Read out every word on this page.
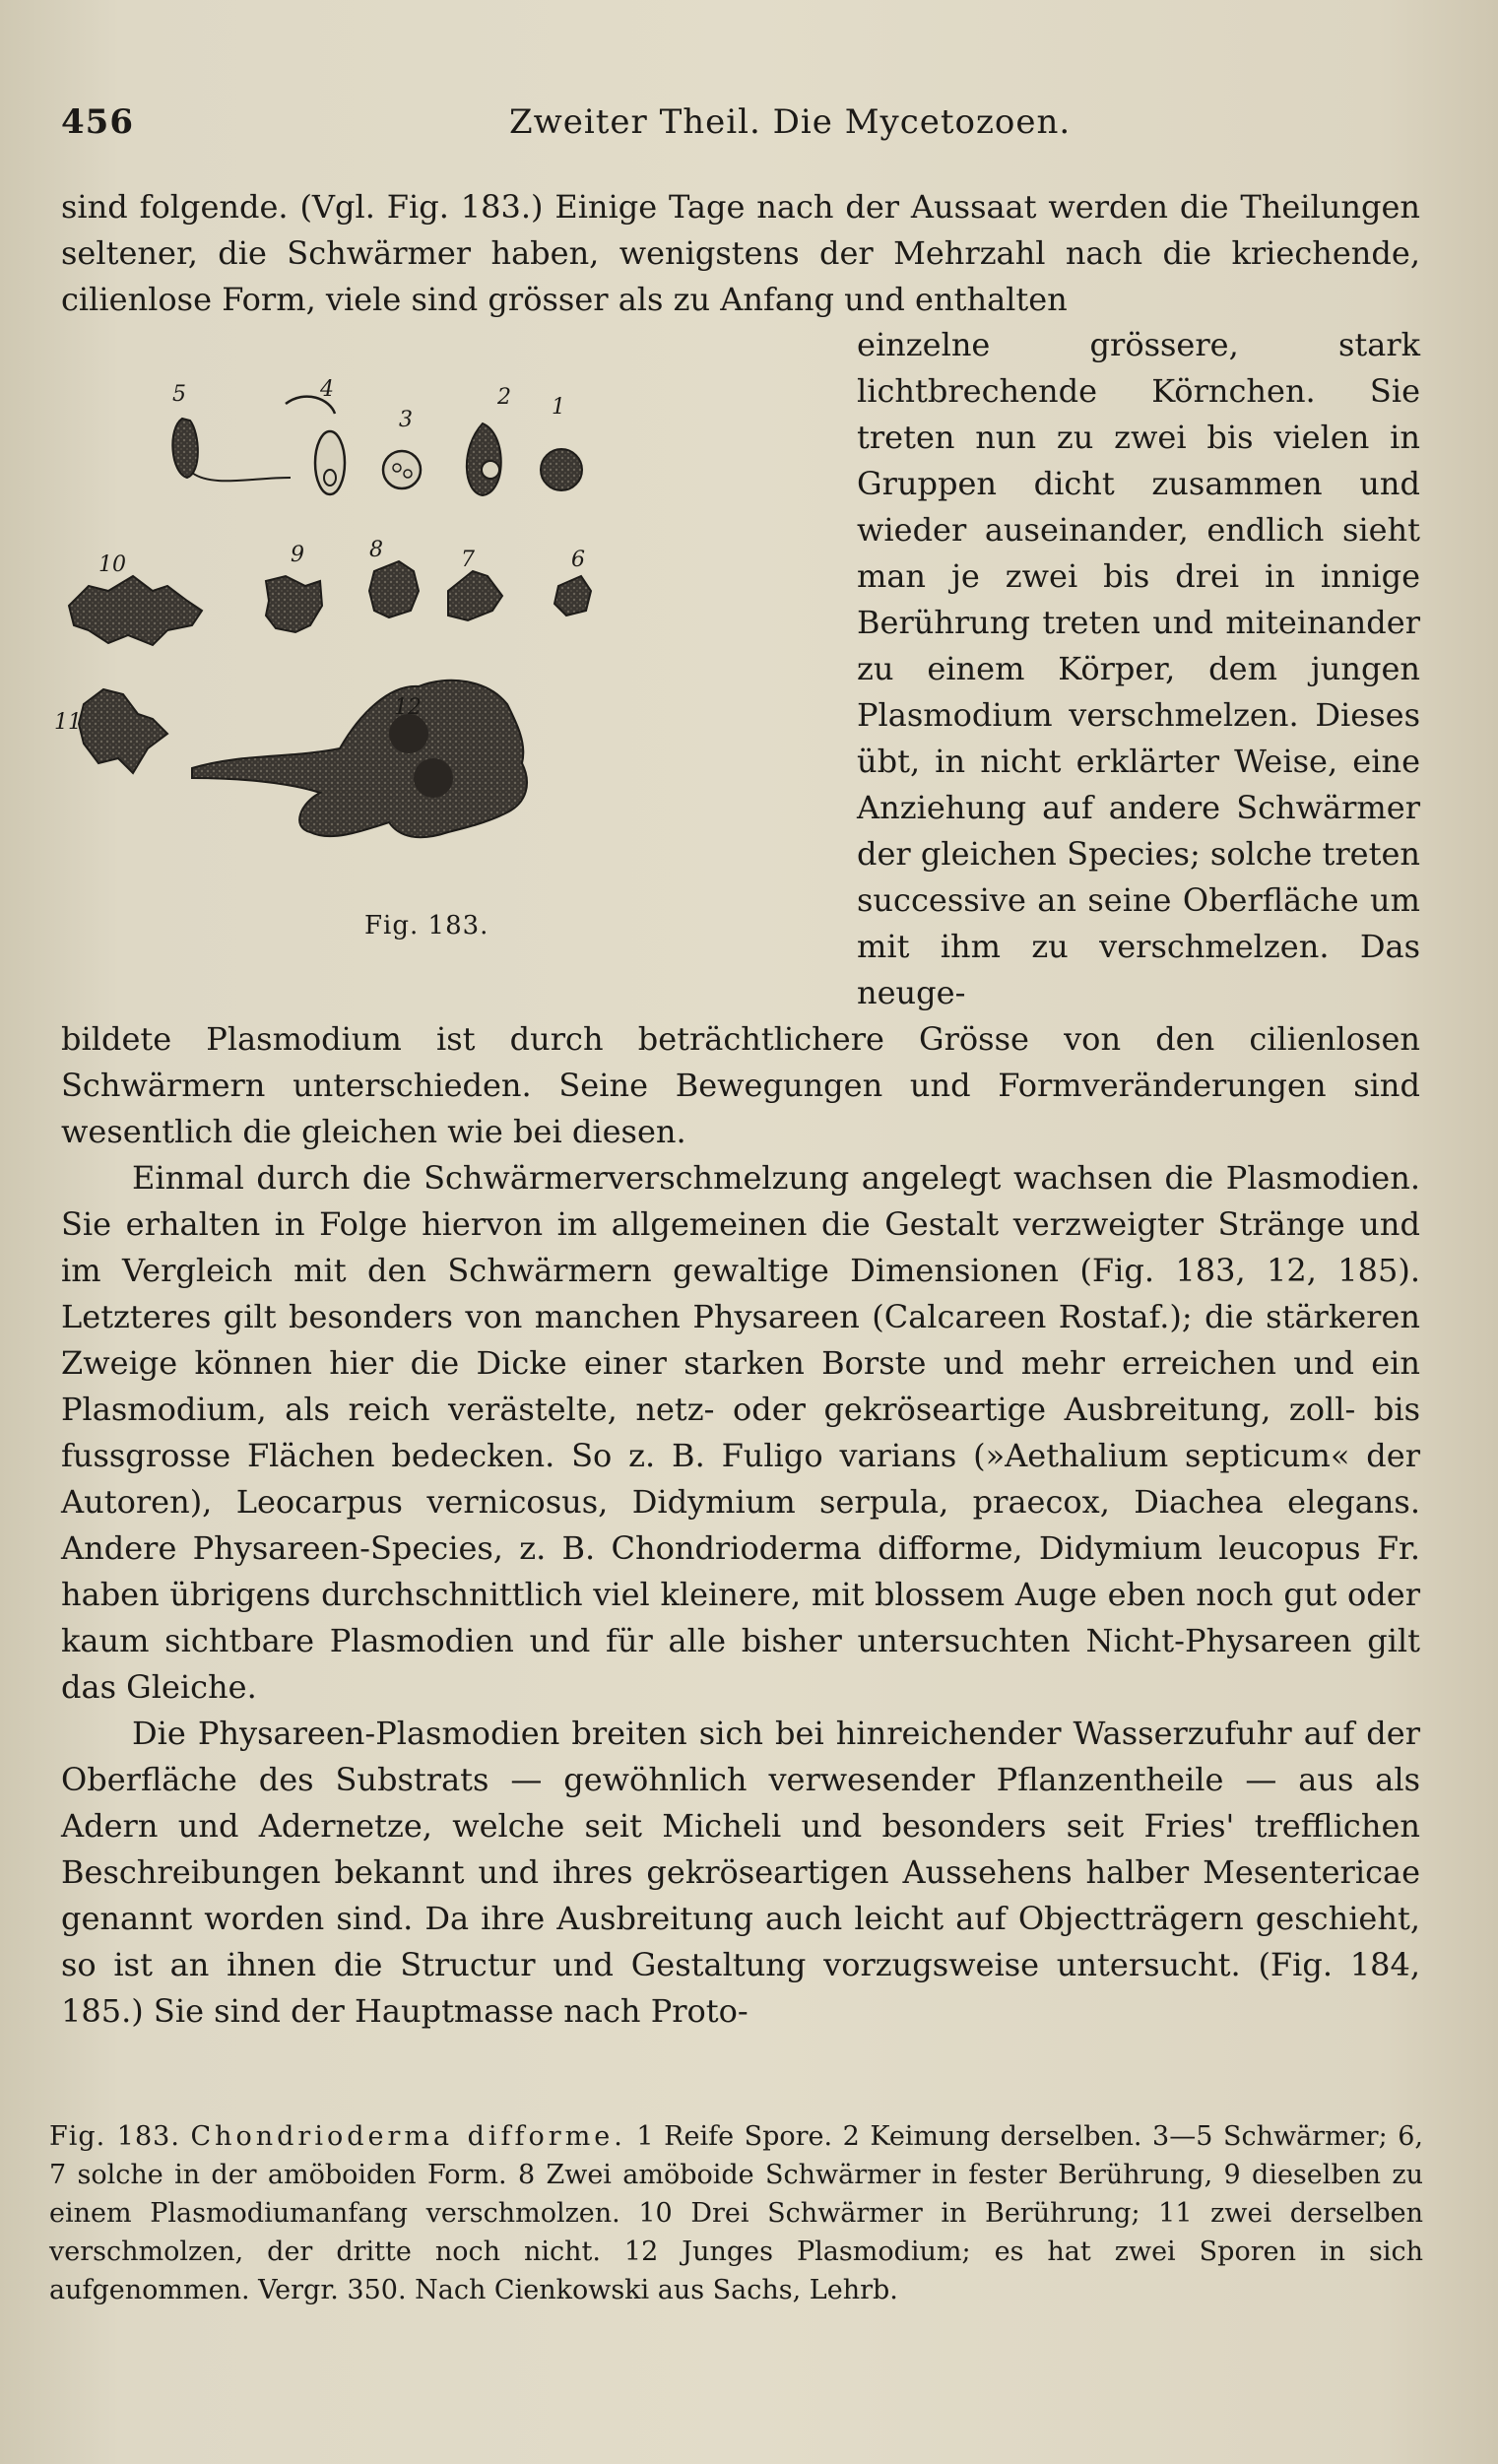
456	Zweiter Theil. Die Mycetozoen.

sind folgende. (Vgl. Fig. 183.) Einige Tage nach der Aussaat werden die Theilungen seltener, die Schwärmer haben, wenigstens der Mehrzahl nach die kriechende, cilienlose Form, viele sind grösser als zu Anfang und enthalten

einzelne grössere, stark lichtbrechende Körnchen. Sie treten nun zu zwei bis vielen in Gruppen dicht zusammen und wieder auseinander, endlich sieht man je zwei bis drei in innige Berührung treten und miteinander zu einem Körper, dem jungen Plasmodium verschmelzen. Dieses übt, in nicht erklärter Weise, eine Anziehung auf andere Schwärmer der gleichen Species; solche treten successive an seine Oberfläche um mit ihm zu verschmelzen. Das neuge-

5	4
3
2 1
10	9	8	7	6
11
12
Fig. 183.

bildete Plasmodium ist durch beträchtlichere Grösse von den cilienlosen Schwärmern unterschieden. Seine Bewegungen und Formveränderungen sind wesentlich die gleichen wie bei diesen.

Einmal durch die Schwärmerverschmelzung angelegt wachsen die Plasmodien. Sie erhalten in Folge hiervon im allgemeinen die Gestalt verzweigter Stränge und im Vergleich mit den Schwärmern gewaltige Dimensionen (Fig. 183, 12, 185). Letzteres gilt besonders von manchen Physareen (Calcareen Rostaf.); die stärkeren Zweige können hier die Dicke einer starken Borste und mehr erreichen und ein Plasmodium, als reich verästelte, netz- oder gekröseartige Ausbreitung, zoll- bis fussgrosse Flächen bedecken. So z. B. Fuligo varians (»Aethalium septicum« der Autoren), Leocarpus vernicosus, Didymium serpula, praecox, Diachea elegans. Andere Physareen-Species, z. B. Chondrioderma difforme, Didymium leucopus Fr. haben übrigens durchschnittlich viel kleinere, mit blossem Auge eben noch gut oder kaum sichtbare Plasmodien und für alle bisher untersuchten Nicht-Physareen gilt das Gleiche.

Die Physareen-Plasmodien breiten sich bei hinreichender Wasserzufuhr auf der Oberfläche des Substrats — gewöhnlich verwesender Pflanzentheile — aus als Adern und Adernetze, welche seit Micheli und besonders seit Fries' trefflichen Beschreibungen bekannt und ihres gekröseartigen Aussehens halber Mesentericae genannt worden sind. Da ihre Ausbreitung auch leicht auf Objectträgern geschieht, so ist an ihnen die Structur und Gestaltung vorzugsweise untersucht. (Fig. 184, 185.) Sie sind der Hauptmasse nach Proto-

Fig. 183. Chondrioderma difforme. 1 Reife Spore. 2 Keimung derselben. 3—5 Schwärmer; 6, 7 solche in der amöboiden Form. 8 Zwei amöboide Schwärmer in fester Berührung, 9 dieselben zu einem Plasmodiumanfang verschmolzen. 10 Drei Schwärmer in Berührung; 11 zwei derselben verschmolzen, der dritte noch nicht. 12 Junges Plasmodium; es hat zwei Sporen in sich aufgenommen. Vergr. 350. Nach Cienkowski aus Sachs, Lehrb.
